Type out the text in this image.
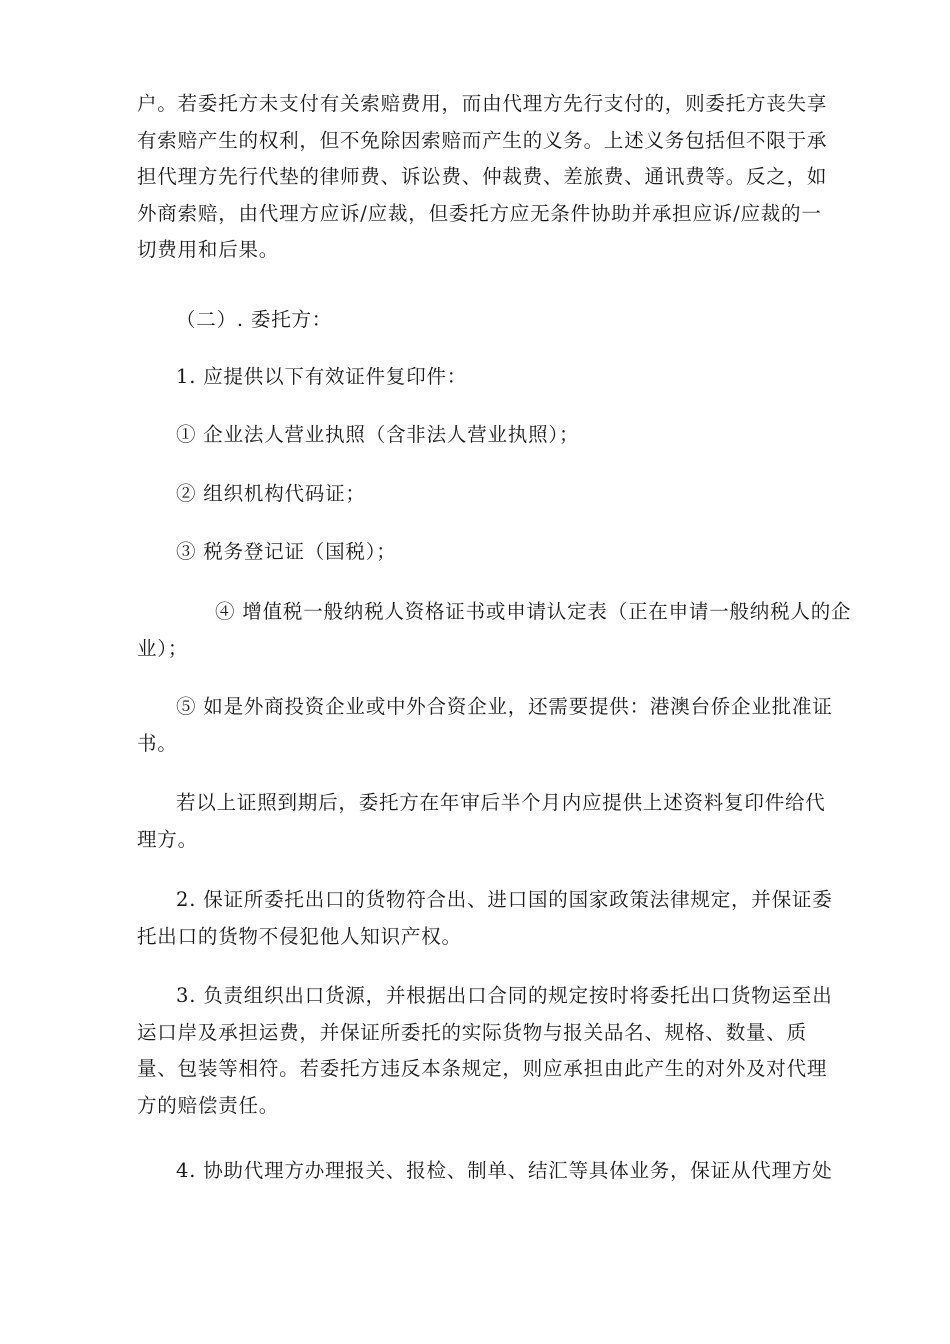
户。若委托方未支付有关索赔费用，而由代理方先行支付的，则委托方丧失享
有索赔产生的权利，但不免除因索赔而产生的义务。上述义务包括但不限于承
担代理方先行代垫的律师费、诉讼费、仲裁费、差旅费、通讯费等。反之，如
外商索赔，由代理方应诉/应裁，但委托方应无条件协助并承担应诉/应裁的一
切费用和后果。
（二）. 委托方：
1. 应提供以下有效证件复印件：
① 企业法人营业执照（含非法人营业执照）；
② 组织机构代码证；
③ 税务登记证（国税）；
④ 增值税一般纳税人资格证书或申请认定表（正在申请一般纳税人的企
业）；
⑤ 如是外商投资企业或中外合资企业，还需要提供：港澳台侨企业批准证
书。
若以上证照到期后，委托方在年审后半个月内应提供上述资料复印件给代
理方。
2. 保证所委托出口的货物符合出、进口国的国家政策法律规定，并保证委
托出口的货物不侵犯他人知识产权。
3. 负责组织出口货源，并根据出口合同的规定按时将委托出口货物运至出
运口岸及承担运费，并保证所委托的实际货物与报关品名、规格、数量、质
量、包装等相符。若委托方违反本条规定，则应承担由此产生的对外及对代理
方的赔偿责任。
4. 协助代理方办理报关、报检、制单、结汇等具体业务，保证从代理方处
